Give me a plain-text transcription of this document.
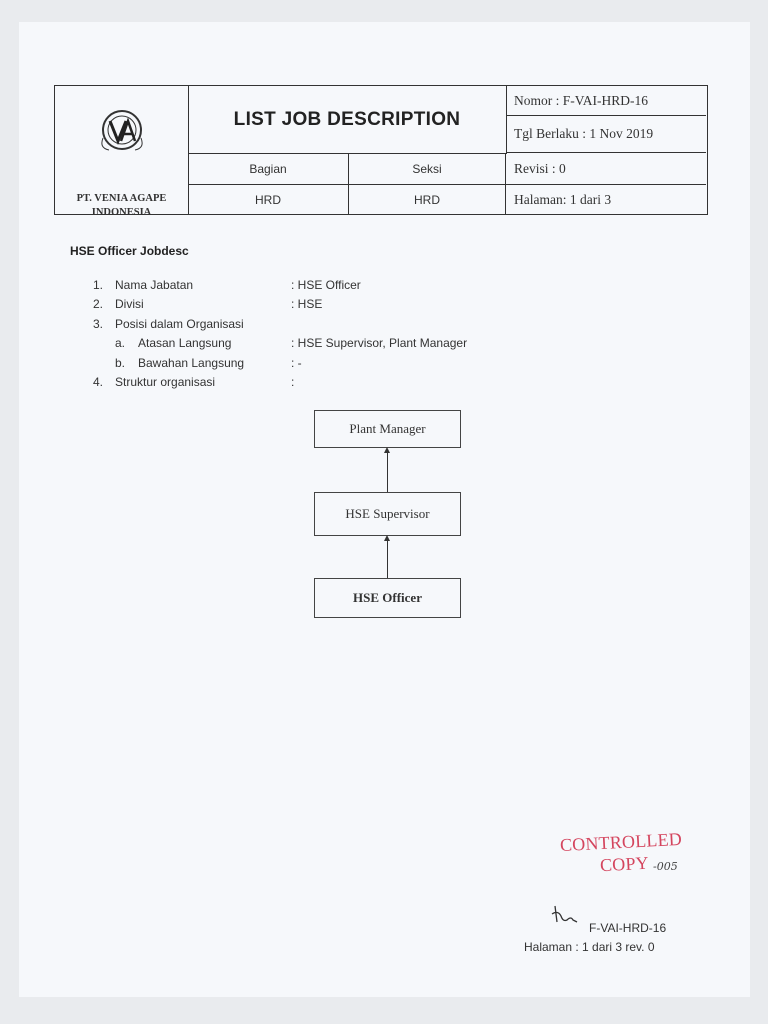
PT. VENIA AGAPE
INDONESIA
LIST JOB DESCRIPTION
Bagian	Seksi
HRD	HRD
Nomor : F-VAI-HRD-16
Tgl Berlaku : 1 Nov 2019
Revisi : 0
Halaman: 1 dari 3
HSE Officer Jobdesc
1. Nama Jabatan	: HSE Officer
2. Divisi	: HSE
3. Posisi dalam Organisasi
a. Atasan Langsung	: HSE Supervisor, Plant Manager
b. Bawahan Langsung	: -
4. Struktur organisasi	:
Plant Manager
HSE Supervisor
HSE Officer
CONTROLLED
COPY -005
F-VAI-HRD-16
Halaman : 1 dari 3 rev. 0
